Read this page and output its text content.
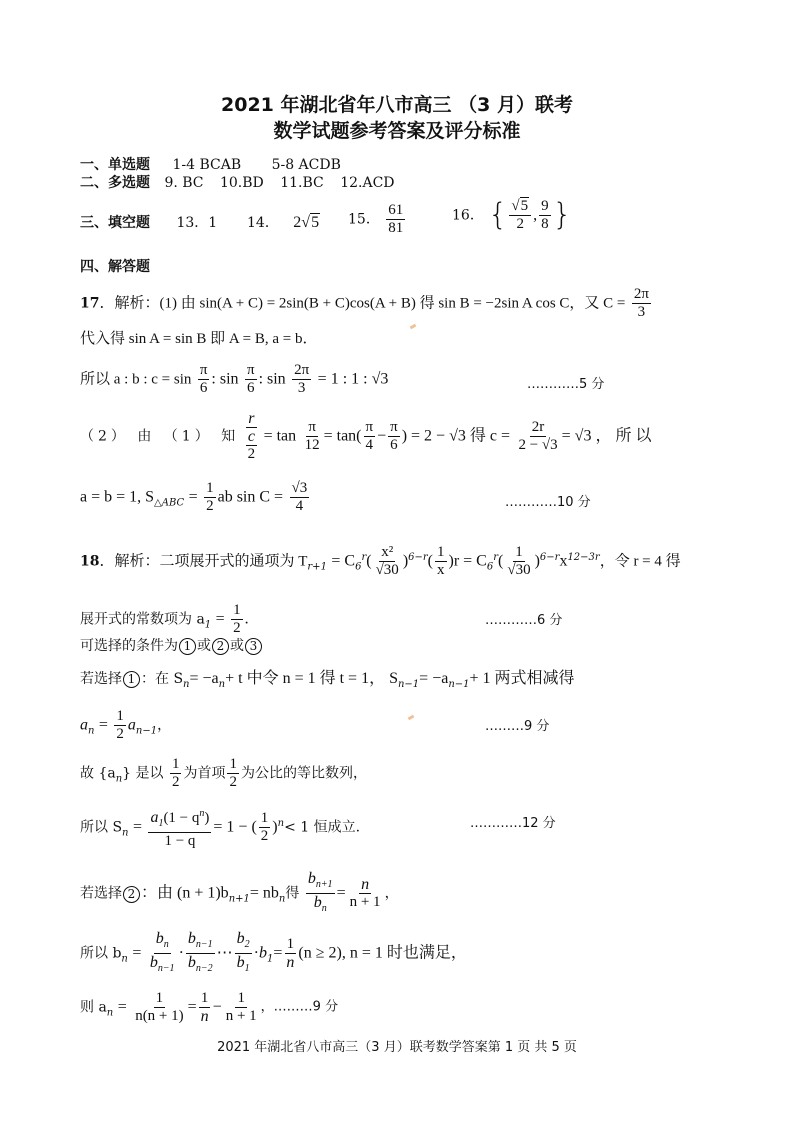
2021 年湖北省年八市高三 （3 月）联考
数学试题参考答案及评分标准
一、单选题 1-4 BCAB 5-8 ACDB
二、多选题 9. BC 10.BD 11.BC 12.ACD
三、填空题 13．1 14． 2√5 15． $\frac{61}{81}$	16． { $\frac{√5}{2}$ , $\frac{9}{8}$ }
四、解答题
17．解析：(1) 由 sin(A + C) = 2sin(B + C)cos(A + B) 得 sin B = −2sin A cos C，又 $C = \frac{2\pi}{3}$
代入得 sin A = sin B 即 A = B, a = b．
所以 a : b : $c = \sin \frac{\pi}{6}$ : $\sin \frac{\pi}{6}$ : $\sin \frac{2\pi}{3} = 1$ : 1 : √3	…………5 分
（2） 由 （1） 知
r
c
2
= $\tan \frac{\pi}{12} = \tan( \frac{\pi}{4} - \frac{\pi}{6}$ ) = 2 − √3 得 $c = \frac{2r}{2 - √3} = √3$ ， 所 以
a = b = 1, $S_{\triangle ABC} = \frac{1}{2}$ ab $\sin C = \frac{√3}{4}$	…………10 分
18．解析：二项展开式的通项为 $T_{r+1} = C_6^r( \frac{\text{x²}}{√30} )^{6-r}( \frac{1}{x} )r = C_6^r( \frac{1}{√30} )^{6-r}x^{12-3r}$，令 r = 4 得
展开式的常数项为 $a_1 = \frac{1}{2}$ .	…………6 分
可选择的条件为 1 或 2 或 3
若选择 1 ：在 $S_n= -a_n+ t$ 中令 n = 1 得 t = 1， $S_{n-1}= -a_{n-1}+ 1$ 两式相减得
$a_n = \frac{1}{2} a_{n-1}$，	………9 分
故 $\{a_n\}$ 是以 $\frac{1}{2}$ 为首项 $\frac{1}{2}$ 为公比的等比数列，
所以 $S_n = \frac{a_1(1 - q^n)}{1 - q} = 1$ − ( $\frac{1}{2} )^n< 1$ 恒成立.	…………12 分
若选择 2 ：由 $(n + 1)b_{n+1}= nb_n$得 $\frac{b_{n+1}}{b_n} = \frac{n}{n + 1}$ ，
所以 $b_n = \frac{b_n}{b_{n-1}} \cdot \frac{b_{n-1}}{b_{n-2}}$ ⋯ $\frac{b_2}{b_1} \cdot b_1= \frac{1}{n} (n \ge 2)$, n = 1 时也满足，
则 $a_n = \frac{1}{n(n + 1)} = \frac{1}{n} - \frac{1}{n + 1}$ ，………9 分
2021 年湖北省八市高三（3 月）联考数学答案第 1 页 共 5 页
